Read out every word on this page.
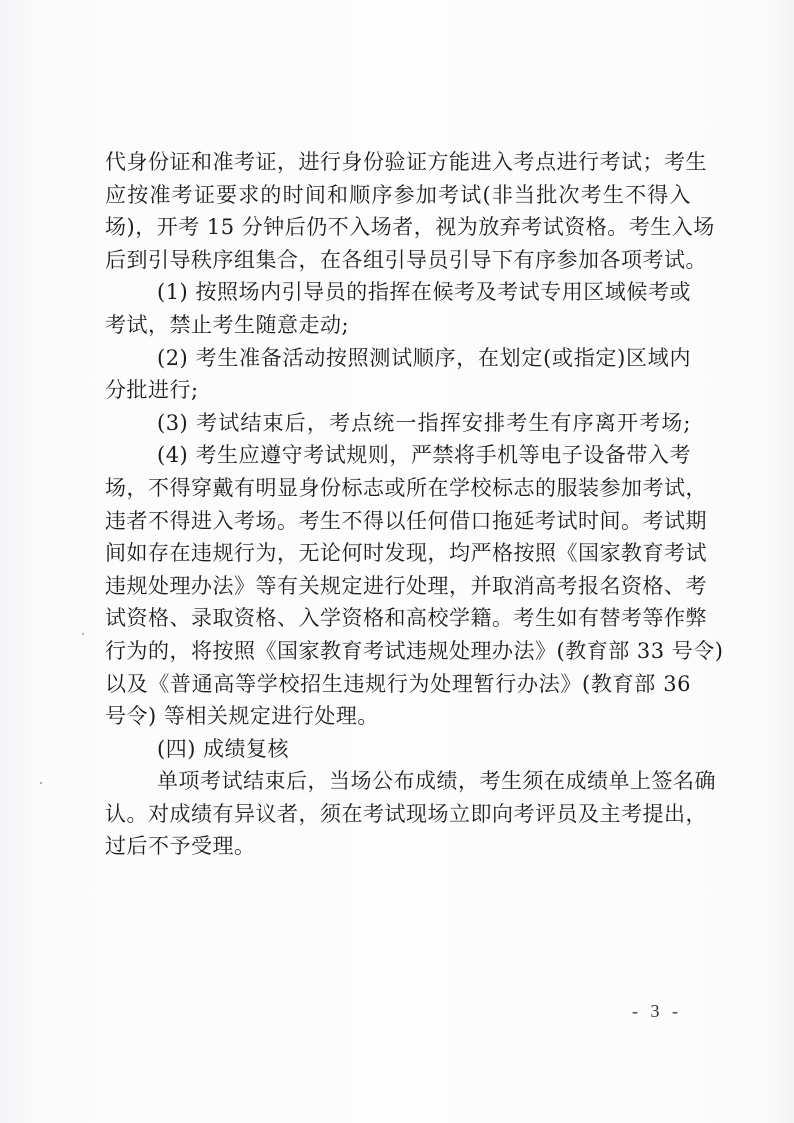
代身份证和准考证，进行身份验证方能进入考点进行考试；考生
应按准考证要求的时间和顺序参加考试(非当批次考生不得入
场)，开考 15 分钟后仍不入场者，视为放弃考试资格。考生入场
后到引导秩序组集合，在各组引导员引导下有序参加各项考试。
(1) 按照场内引导员的指挥在候考及考试专用区域候考或
考试，禁止考生随意走动;
(2) 考生准备活动按照测试顺序，在划定(或指定)区域内
分批进行;
(3) 考试结束后，考点统一指挥安排考生有序离开考场;
(4) 考生应遵守考试规则，严禁将手机等电子设备带入考
场，不得穿戴有明显身份标志或所在学校标志的服装参加考试，
违者不得进入考场。考生不得以任何借口拖延考试时间。考试期
间如存在违规行为，无论何时发现，均严格按照《国家教育考试
违规处理办法》等有关规定进行处理，并取消高考报名资格、考
试资格、录取资格、入学资格和高校学籍。考生如有替考等作弊
行为的，将按照《国家教育考试违规处理办法》(教育部 33 号令)
以及《普通高等学校招生违规行为处理暂行办法》(教育部 36
号令) 等相关规定进行处理。
(四) 成绩复核
单项考试结束后，当场公布成绩，考生须在成绩单上签名确
认。对成绩有异议者，须在考试现场立即向考评员及主考提出，
过后不予受理。
- 3 -
